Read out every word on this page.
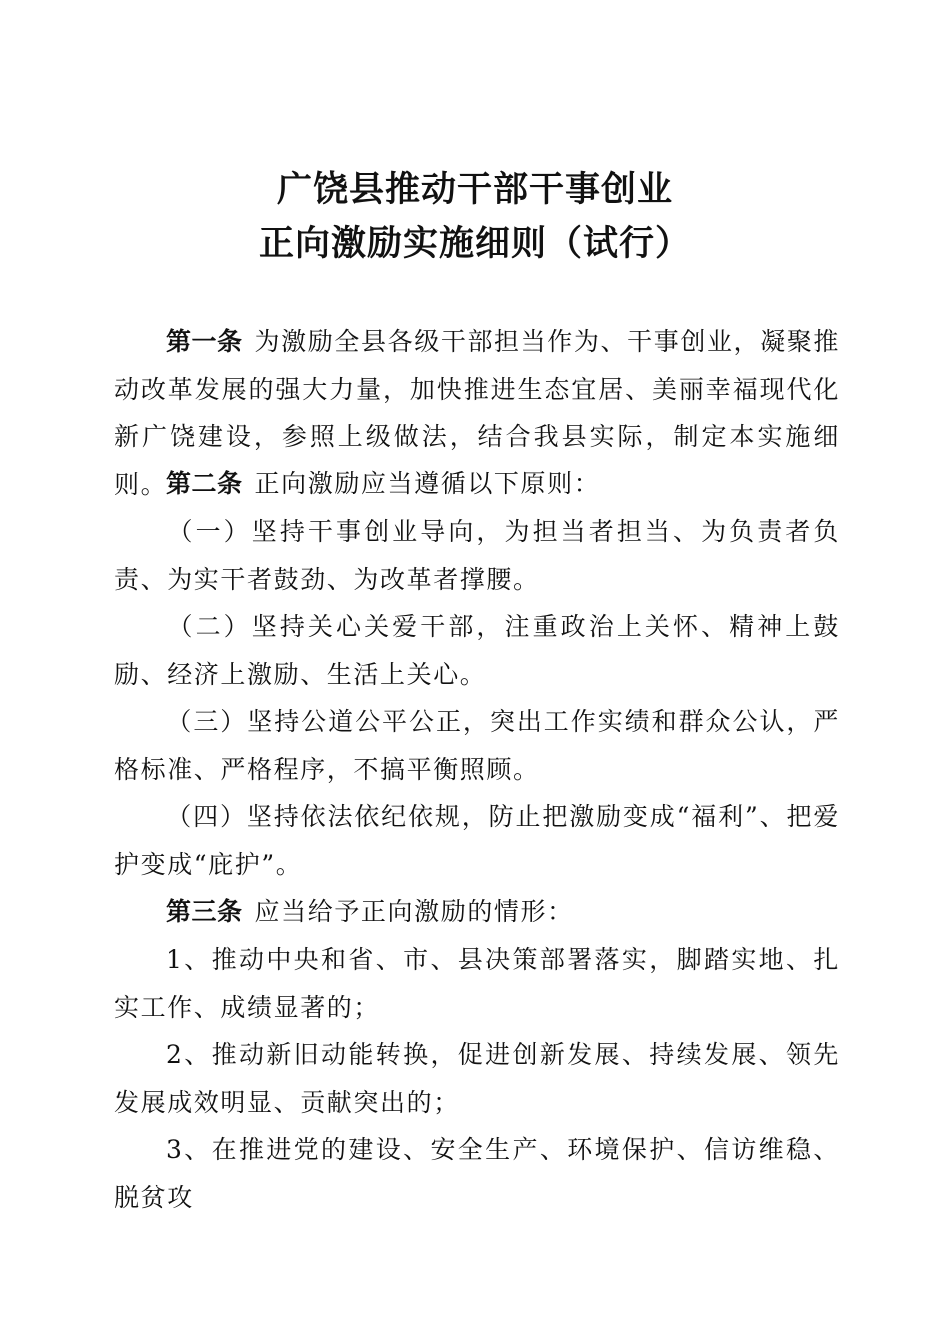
广饶县推动干部干事创业
正向激励实施细则（试行）
第一条 为激励全县各级干部担当作为、干事创业，凝聚推动改革发展的强大力量，加快推进生态宜居、美丽幸福现代化新广饶建设，参照上级做法，结合我县实际，制定本实施细则。
第二条 正向激励应当遵循以下原则：
（一）坚持干事创业导向，为担当者担当、为负责者负责、为实干者鼓劲、为改革者撑腰。
（二）坚持关心关爱干部，注重政治上关怀、精神上鼓励、经济上激励、生活上关心。
（三）坚持公道公平公正，突出工作实绩和群众公认，严格标准、严格程序，不搞平衡照顾。
（四）坚持依法依纪依规，防止把激励变成“福利”、把爱护变成“庇护”。
第三条 应当给予正向激励的情形：
1、推动中央和省、市、县决策部署落实，脚踏实地、扎实工作、成绩显著的；
2、推动新旧动能转换，促进创新发展、持续发展、领先发展成效明显、贡献突出的；
3、在推进党的建设、安全生产、环境保护、信访维稳、脱贫攻
